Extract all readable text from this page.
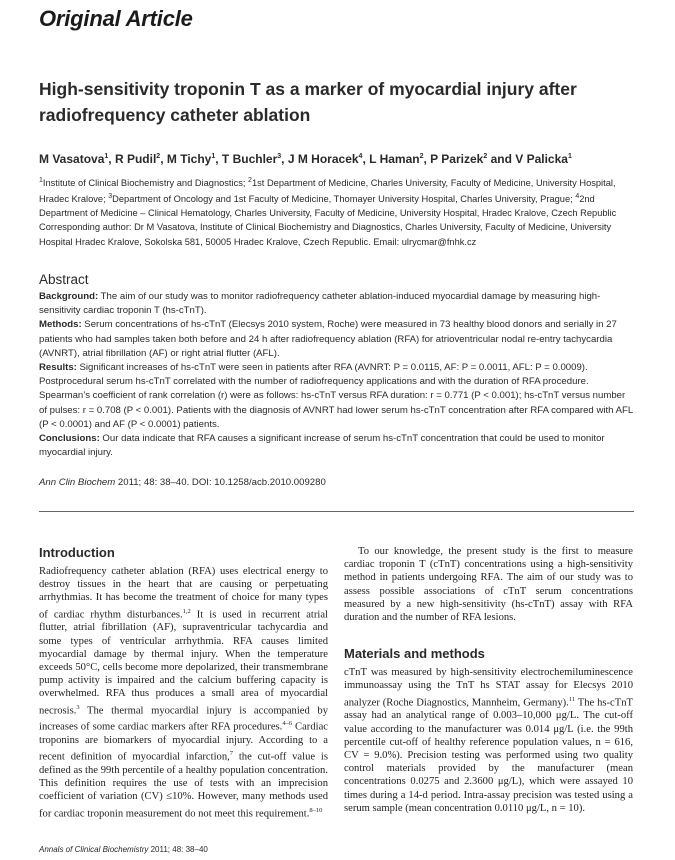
Original Article
High-sensitivity troponin T as a marker of myocardial injury after radiofrequency catheter ablation
M Vasatova$^1$, R Pudil$^2$, M Tichy$^1$, T Buchler$^3$, J M Horacek$^4$, L Haman$^2$, P Parizek$^2$ and V Palicka$^1$

$^1$Institute of Clinical Biochemistry and Diagnostics; $^2$1st Department of Medicine, Charles University, Faculty of Medicine, University Hospital, Hradec Kralove; $^3$Department of Oncology and 1st Faculty of Medicine, Thomayer University Hospital, Charles University, Prague; $^4$2nd Department of Medicine – Clinical Hematology, Charles University, Faculty of Medicine, University Hospital, Hradec Kralove, Czech Republic

Corresponding author: Dr M Vasatova, Institute of Clinical Biochemistry and Diagnostics, Charles University, Faculty of Medicine, University Hospital Hradec Kralove, Sokolska 581, 50005 Hradec Kralove, Czech Republic. Email: ulrycmar@fnhk.cz

Abstract

Background: The aim of our study was to monitor radiofrequency catheter ablation-induced myocardial damage by measuring high-sensitivity cardiac troponin T (hs-cTnT).

Methods: Serum concentrations of hs-cTnT (Elecsys 2010 system, Roche) were measured in 73 healthy blood donors and serially in 27 patients who had samples taken both before and 24 h after radiofrequency ablation (RFA) for atrioventricular nodal re-entry tachycardia (AVNRT), atrial fibrillation (AF) or right atrial flutter (AFL).

Results: Significant increases of hs-cTnT were seen in patients after RFA (AVNRT: P = 0.0115, AF: P = 0.0011, AFL: P = 0.0009). Postprocedural serum hs-cTnT correlated with the number of radiofrequency applications and with the duration of RFA procedure. Spearman’s coefficient of rank correlation (r) were as follows: hs-cTnT versus RFA duration: r = 0.771 (P < 0.001); hs-cTnT versus number of pulses: r = 0.708 (P < 0.001). Patients with the diagnosis of AVNRT had lower serum hs-cTnT concentration after RFA compared with AFL (P < 0.0001) and AF (P < 0.0001) patients.

Conclusions: Our data indicate that RFA causes a significant increase of serum hs-cTnT concentration that could be used to monitor myocardial injury.

Ann Clin Biochem 2011; 48: 38–40. DOI: 10.1258/acb.2010.009280
Introduction

Radiofrequency catheter ablation (RFA) uses electrical energy to destroy tissues in the heart that are causing or perpetuating arrhythmias. It has become the treatment of choice for many types of cardiac rhythm disturbances.$^{1,2}$ It is used in recurrent atrial flutter, atrial fibrillation (AF), supraventricular tachycardia and some types of ventricular arrhythmia. RFA causes limited myocardial damage by thermal injury. When the temperature exceeds 50°C, cells become more depolarized, their transmembrane pump activity is impaired and the calcium buffering capacity is overwhelmed. RFA thus produces a small area of myocardial necrosis.$^3$ The thermal myocardial injury is accompanied by increases of some cardiac markers after RFA procedures.$^{4-6}$ Cardiac troponins are biomarkers of myocardial injury. According to a recent definition of myocardial infarction,$^7$ the cut-off value is defined as the 99th percentile of a healthy population concentration. This definition requires the use of tests with an imprecision coefficient of variation (CV) ≤10%. However, many methods used for cardiac troponin measurement do not meet this requirement.$^{8-10}$

To our knowledge, the present study is the first to measure cardiac troponin T (cTnT) concentrations using a high-sensitivity method in patients undergoing RFA. The aim of our study was to assess possible associations of cTnT serum concentrations measured by a new high-sensitivity (hs-cTnT) assay with RFA duration and the number of RFA lesions.

Materials and methods

cTnT was measured by high-sensitivity electrochemiluminescence immunoassay using the TnT hs STAT assay for Elecsys 2010 analyzer (Roche Diagnostics, Mannheim, Germany).$^{11}$ The hs-cTnT assay had an analytical range of 0.003–10,000 μg/L. The cut-off value according to the manufacturer was 0.014 μg/L (i.e. the 99th percentile cut-off of healthy reference population values, n = 616, CV = 9.0%). Precision testing was performed using two quality control materials provided by the manufacturer (mean concentrations 0.0275 and 2.3600 μg/L), which were assayed 10 times during a 14-d period. Intra-assay precision was tested using a serum sample (mean concentration 0.0110 μg/L, n = 10).

Annals of Clinical Biochemistry 2011; 48: 38–40
